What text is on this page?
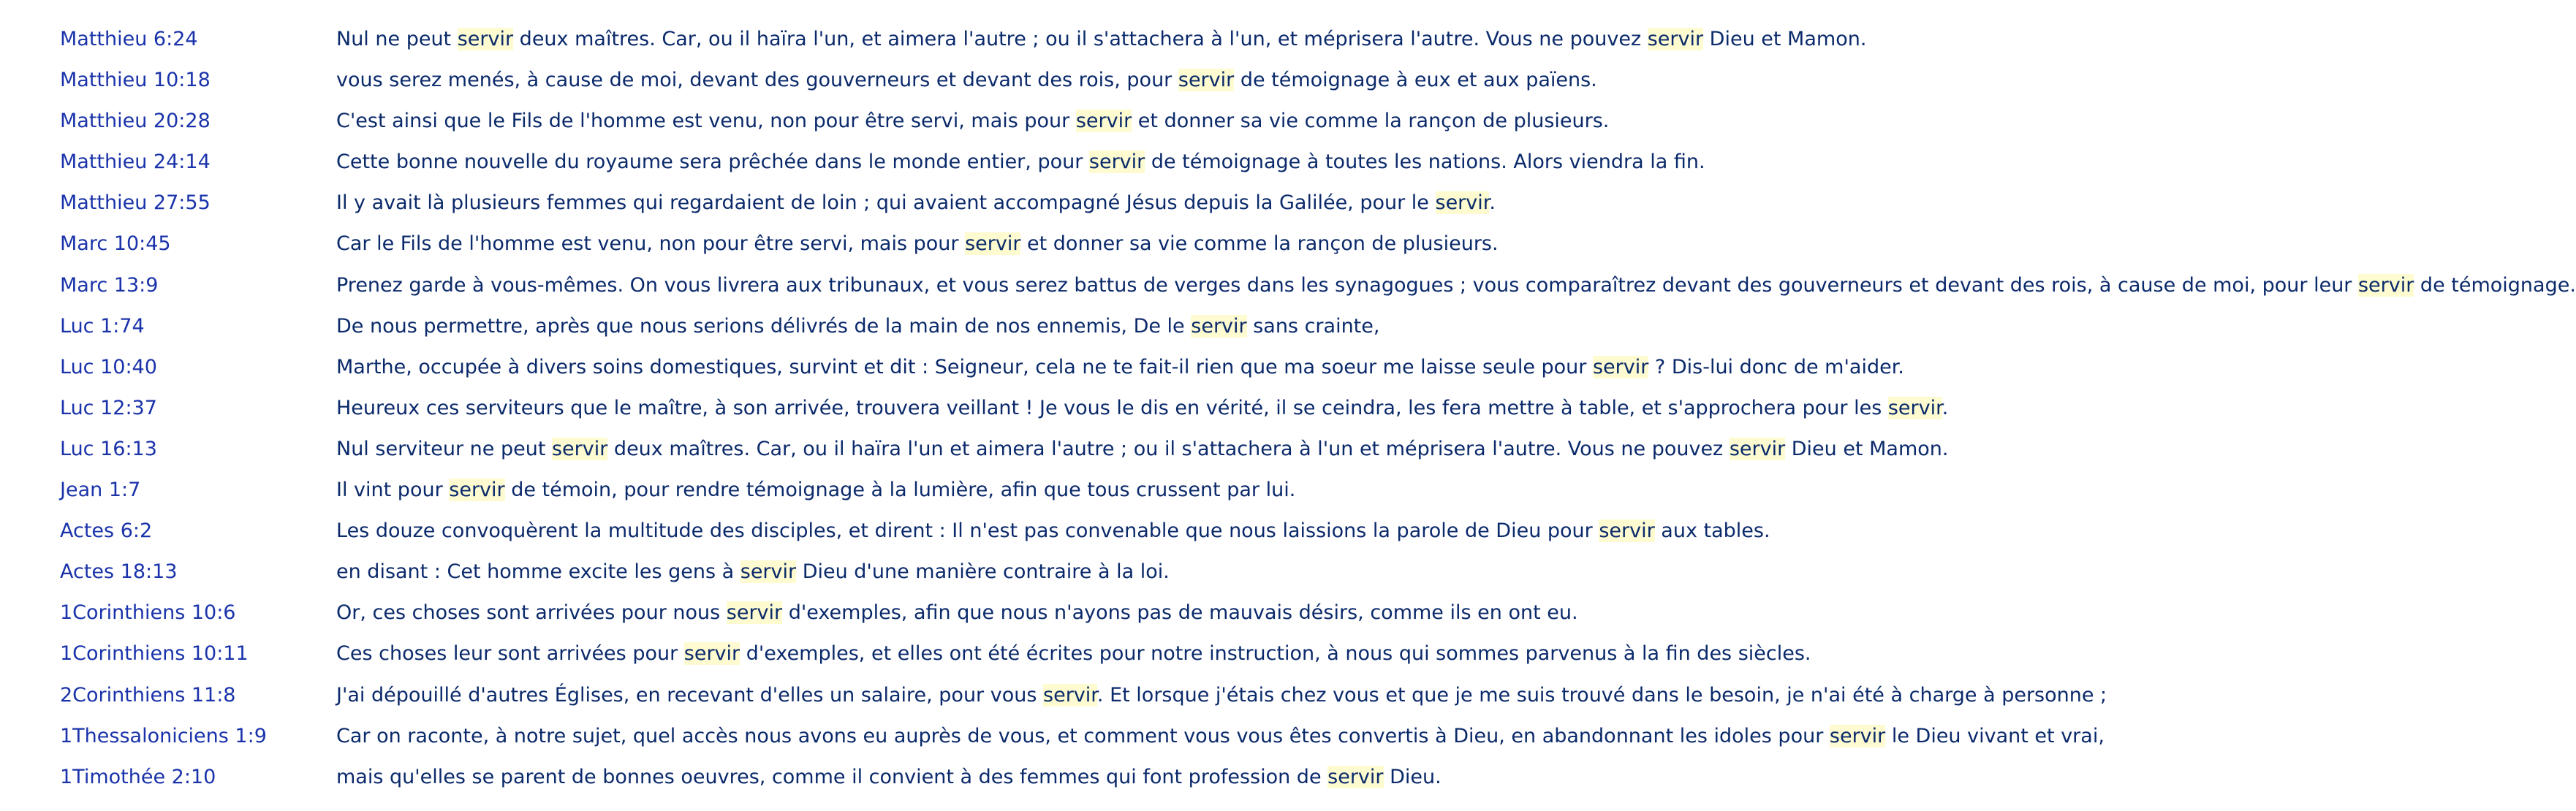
Matthieu 6:24	Nul ne peut servir deux maîtres. Car, ou il haïra l'un, et aimera l'autre ; ou il s'attachera à l'un, et méprisera l'autre. Vous ne pouvez servir Dieu et Mamon.
Matthieu 10:18	vous serez menés, à cause de moi, devant des gouverneurs et devant des rois, pour servir de témoignage à eux et aux païens.
Matthieu 20:28	C'est ainsi que le Fils de l'homme est venu, non pour être servi, mais pour servir et donner sa vie comme la rançon de plusieurs.
Matthieu 24:14	Cette bonne nouvelle du royaume sera prêchée dans le monde entier, pour servir de témoignage à toutes les nations. Alors viendra la fin.
Matthieu 27:55	Il y avait là plusieurs femmes qui regardaient de loin ; qui avaient accompagné Jésus depuis la Galilée, pour le servir.
Marc 10:45	Car le Fils de l'homme est venu, non pour être servi, mais pour servir et donner sa vie comme la rançon de plusieurs.
Marc 13:9	Prenez garde à vous-mêmes. On vous livrera aux tribunaux, et vous serez battus de verges dans les synagogues ; vous comparaîtrez devant des gouverneurs et devant des rois, à cause de moi, pour leur servir de témoignage.
Luc 1:74	De nous permettre, après que nous serions délivrés de la main de nos ennemis, De le servir sans crainte,
Luc 10:40	Marthe, occupée à divers soins domestiques, survint et dit : Seigneur, cela ne te fait-il rien que ma soeur me laisse seule pour servir ? Dis-lui donc de m'aider.
Luc 12:37	Heureux ces serviteurs que le maître, à son arrivée, trouvera veillant ! Je vous le dis en vérité, il se ceindra, les fera mettre à table, et s'approchera pour les servir.
Luc 16:13	Nul serviteur ne peut servir deux maîtres. Car, ou il haïra l'un et aimera l'autre ; ou il s'attachera à l'un et méprisera l'autre. Vous ne pouvez servir Dieu et Mamon.
Jean 1:7	Il vint pour servir de témoin, pour rendre témoignage à la lumière, afin que tous crussent par lui.
Actes 6:2	Les douze convoquèrent la multitude des disciples, et dirent : Il n'est pas convenable que nous laissions la parole de Dieu pour servir aux tables.
Actes 18:13	en disant : Cet homme excite les gens à servir Dieu d'une manière contraire à la loi.
1Corinthiens 10:6	Or, ces choses sont arrivées pour nous servir d'exemples, afin que nous n'ayons pas de mauvais désirs, comme ils en ont eu.
1Corinthiens 10:11	Ces choses leur sont arrivées pour servir d'exemples, et elles ont été écrites pour notre instruction, à nous qui sommes parvenus à la fin des siècles.
2Corinthiens 11:8	J'ai dépouillé d'autres Églises, en recevant d'elles un salaire, pour vous servir. Et lorsque j'étais chez vous et que je me suis trouvé dans le besoin, je n'ai été à charge à personne ;
1Thessaloniciens 1:9	Car on raconte, à notre sujet, quel accès nous avons eu auprès de vous, et comment vous vous êtes convertis à Dieu, en abandonnant les idoles pour servir le Dieu vivant et vrai,
1Timothée 2:10	mais qu'elles se parent de bonnes oeuvres, comme il convient à des femmes qui font profession de servir Dieu.
